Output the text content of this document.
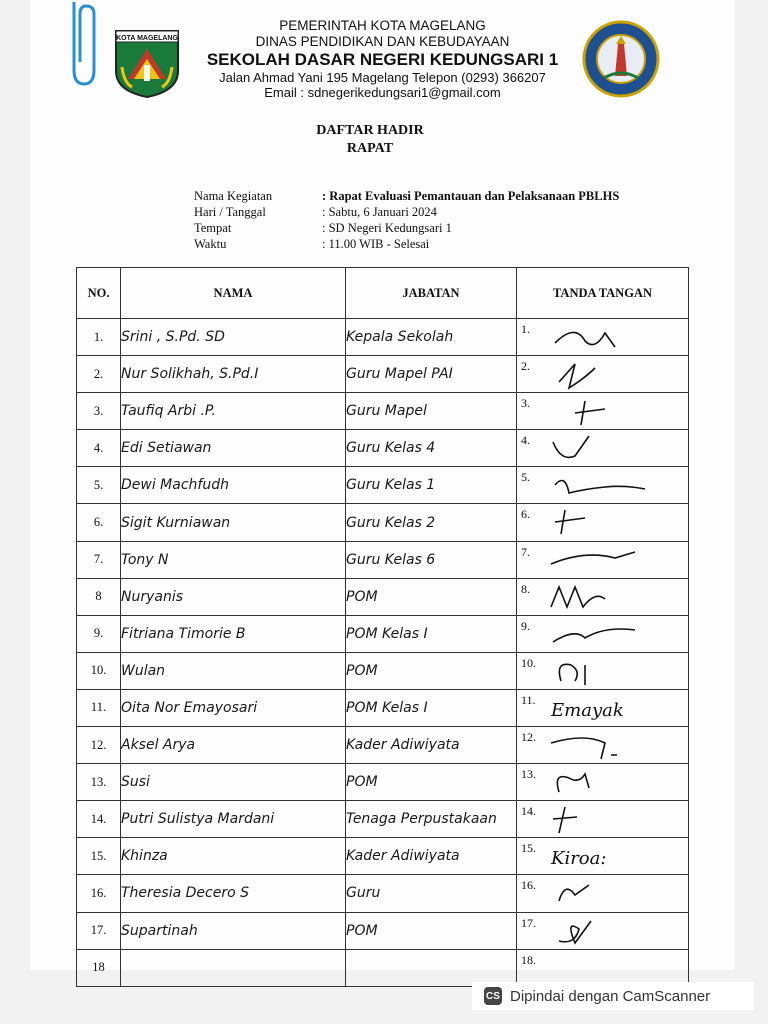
KOTA MAGELANG
PEMERINTAH KOTA MAGELANG
DINAS PENDIDIKAN DAN KEBUDAYAAN
SEKOLAH DASAR NEGERI KEDUNGSARI 1
Jalan Ahmad Yani 195 Magelang Telepon (0293) 366207
Email : sdnegerikedungsari1@gmail.com
DAFTAR HADIR
RAPAT
Nama Kegiatan	: Rapat Evaluasi Pemantauan dan Pelaksanaan PBLHS
Hari / Tanggal	: Sabtu, 6 Januari 2024
Tempat	: SD Negeri Kedungsari 1
Waktu	: 11.00 WIB - Selesai
NO.	NAMA	JABATAN	TANDA TANGAN
1.	Srini , S.Pd. SD	Kepala Sekolah	1.

2.	Nur Solikhah, S.Pd.I	Guru Mapel PAI	2.

3.	Taufiq Arbi .P.	Guru Mapel	3.

4.	Edi Setiawan	Guru Kelas 4	4.

5.	Dewi Machfudh	Guru Kelas 1	5.

6.	Sigit Kurniawan	Guru Kelas 2	6.

7.	Tony N	Guru Kelas 6	7.

8	Nuryanis	POM	8.

9.	Fitriana Timorie B	POM Kelas I	9.

10.	Wulan	POM	10.

11.	Oita Nor Emayosari	POM Kelas I	11. Emayak

12.	Aksel Arya	Kader Adiwiyata	12.

13.	Susi	POM	13.

14.	Putri Sulistya Mardani	Tenaga Perpustakaan	14.

15.	Khinza	Kader Adiwiyata	15. Kiroa:

16.	Theresia Decero S	Guru	16.

17.	Supartinah	POM	17.

18			18.
CS Dipindai dengan CamScanner
